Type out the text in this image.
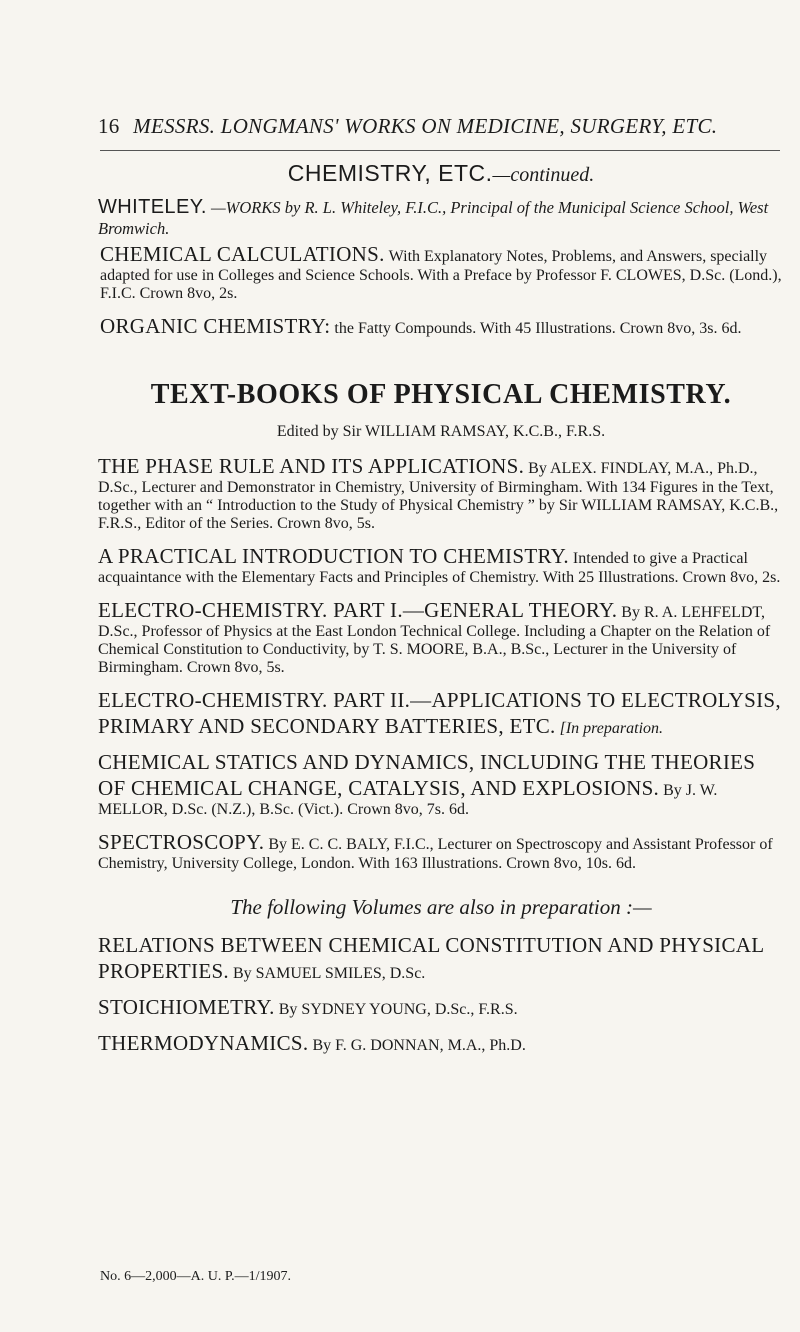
16 MESSRS. LONGMANS' WORKS ON MEDICINE, SURGERY, ETC.
CHEMISTRY, ETC.—continued.
WHITELEY. —WORKS by R. L. Whiteley, F.I.C., Principal of the Municipal Science School, West Bromwich.
CHEMICAL CALCULATIONS. With Explanatory Notes, Problems, and Answers, specially adapted for use in Colleges and Science Schools. With a Preface by Professor F. CLOWES, D.Sc. (Lond.), F.I.C. Crown 8vo, 2s.
ORGANIC CHEMISTRY: the Fatty Compounds. With 45 Illustrations. Crown 8vo, 3s. 6d.
TEXT-BOOKS OF PHYSICAL CHEMISTRY.
Edited by Sir WILLIAM RAMSAY, K.C.B., F.R.S.
THE PHASE RULE AND ITS APPLICATIONS. By ALEX. FINDLAY, M.A., Ph.D., D.Sc., Lecturer and Demonstrator in Chemistry, University of Birmingham. With 134 Figures in the Text, together with an “ Introduction to the Study of Physical Chemistry ” by Sir WILLIAM RAMSAY, K.C.B., F.R.S., Editor of the Series. Crown 8vo, 5s.
A PRACTICAL INTRODUCTION TO CHEMISTRY. Intended to give a Practical acquaintance with the Elementary Facts and Principles of Chemistry. With 25 Illustrations. Crown 8vo, 2s.
ELECTRO-CHEMISTRY. PART I.—GENERAL THEORY. By R. A. LEHFELDT, D.Sc., Professor of Physics at the East London Technical College. Including a Chapter on the Relation of Chemical Constitution to Conductivity, by T. S. MOORE, B.A., B.Sc., Lecturer in the University of Birmingham. Crown 8vo, 5s.
ELECTRO-CHEMISTRY. PART II.—APPLICATIONS TO ELECTROLYSIS, PRIMARY AND SECONDARY BATTERIES, ETC. [In preparation.
CHEMICAL STATICS AND DYNAMICS, INCLUDING THE THEORIES OF CHEMICAL CHANGE, CATALYSIS, AND EXPLOSIONS. By J. W. MELLOR, D.Sc. (N.Z.), B.Sc. (Vict.). Crown 8vo, 7s. 6d.
SPECTROSCOPY. By E. C. C. BALY, F.I.C., Lecturer on Spectroscopy and Assistant Professor of Chemistry, University College, London. With 163 Illustrations. Crown 8vo, 10s. 6d.
The following Volumes are also in preparation :—
RELATIONS BETWEEN CHEMICAL CONSTITUTION AND PHYSICAL PROPERTIES. By SAMUEL SMILES, D.Sc.
STOICHIOMETRY. By SYDNEY YOUNG, D.Sc., F.R.S.
THERMODYNAMICS. By F. G. DONNAN, M.A., Ph.D.
No. 6—2,000—A. U. P.—1/1907.
